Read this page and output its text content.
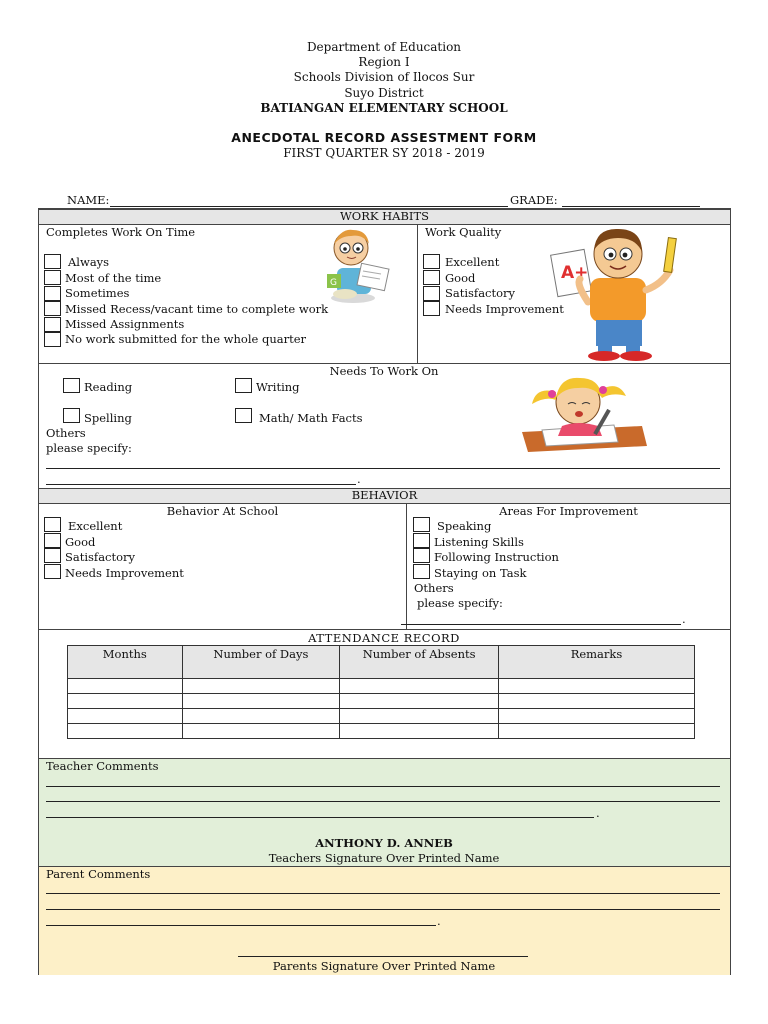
Department of Education
Region I
Schools Division of Ilocos Sur
Suyo District
BATIANGAN ELEMENTARY SCHOOL
ANECDOTAL RECORD ASSESTMENT FORM
FIRST QUARTER SY 2018 - 2019
NAME:	GRADE:
WORK HABITS
Completes Work On Time
Always
Most of the time
Sometimes
Missed Recess/vacant time to complete work
Missed Assignments
No work submitted for the whole quarter
G
Work Quality
Excellent
Good
Satisfactory
Needs Improvement
A+
Needs To Work On
Reading	Writing
Spelling	Math/ Math Facts
Others
please specify:
.
BEHAVIOR
Behavior At School
Excellent
Good
Satisfactory
Needs Improvement
Areas For Improvement
Speaking
Listening Skills
Following Instruction
Staying on Task
Others
please specify:
.
ATTENDANCE RECORD
Months	Number of Days	Number of Absents	Remarks

Teacher Comments
.
ANTHONY D. ANNEB
Teachers Signature Over Printed Name
Parent Comments
.
Parents Signature Over Printed Name
